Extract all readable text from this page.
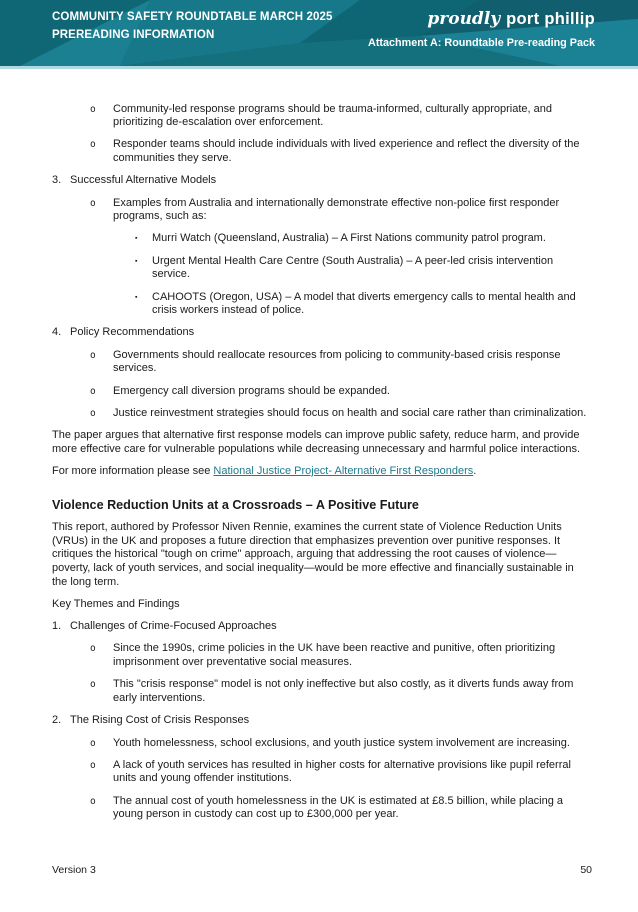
COMMUNITY SAFETY ROUNDTABLE MARCH 2025
PREREADING INFORMATION
proudly port phillip
Attachment A: Roundtable Pre-reading Pack
o	Community-led response programs should be trauma-informed, culturally appropriate, and prioritizing de-escalation over enforcement.
o	Responder teams should include individuals with lived experience and reflect the diversity of the communities they serve.
3. Successful Alternative Models
o	Examples from Australia and internationally demonstrate effective non-police first responder programs, such as:
▪	Murri Watch (Queensland, Australia) – A First Nations community patrol program.
▪	Urgent Mental Health Care Centre (South Australia) – A peer-led crisis intervention service.
▪	CAHOOTS (Oregon, USA) – A model that diverts emergency calls to mental health and crisis workers instead of police.
4. Policy Recommendations
o	Governments should reallocate resources from policing to community-based crisis response services.
o	Emergency call diversion programs should be expanded.
o	Justice reinvestment strategies should focus on health and social care rather than criminalization.
The paper argues that alternative first response models can improve public safety, reduce harm, and provide more effective care for vulnerable populations while decreasing unnecessary and harmful police interactions.
For more information please see National Justice Project- Alternative First Responders.
Violence Reduction Units at a Crossroads – A Positive Future
This report, authored by Professor Niven Rennie, examines the current state of Violence Reduction Units (VRUs) in the UK and proposes a future direction that emphasizes prevention over punitive responses. It critiques the historical "tough on crime" approach, arguing that addressing the root causes of violence—poverty, lack of youth services, and social inequality—would be more effective and financially sustainable in the long term.
Key Themes and Findings
1. Challenges of Crime-Focused Approaches
o	Since the 1990s, crime policies in the UK have been reactive and punitive, often prioritizing imprisonment over preventative social measures.
o	This "crisis response" model is not only ineffective but also costly, as it diverts funds away from early interventions.
2. The Rising Cost of Crisis Responses
o	Youth homelessness, school exclusions, and youth justice system involvement are increasing.
o	A lack of youth services has resulted in higher costs for alternative provisions like pupil referral units and young offender institutions.
o	The annual cost of youth homelessness in the UK is estimated at £8.5 billion, while placing a young person in custody can cost up to £300,000 per year.
Version 3	50
